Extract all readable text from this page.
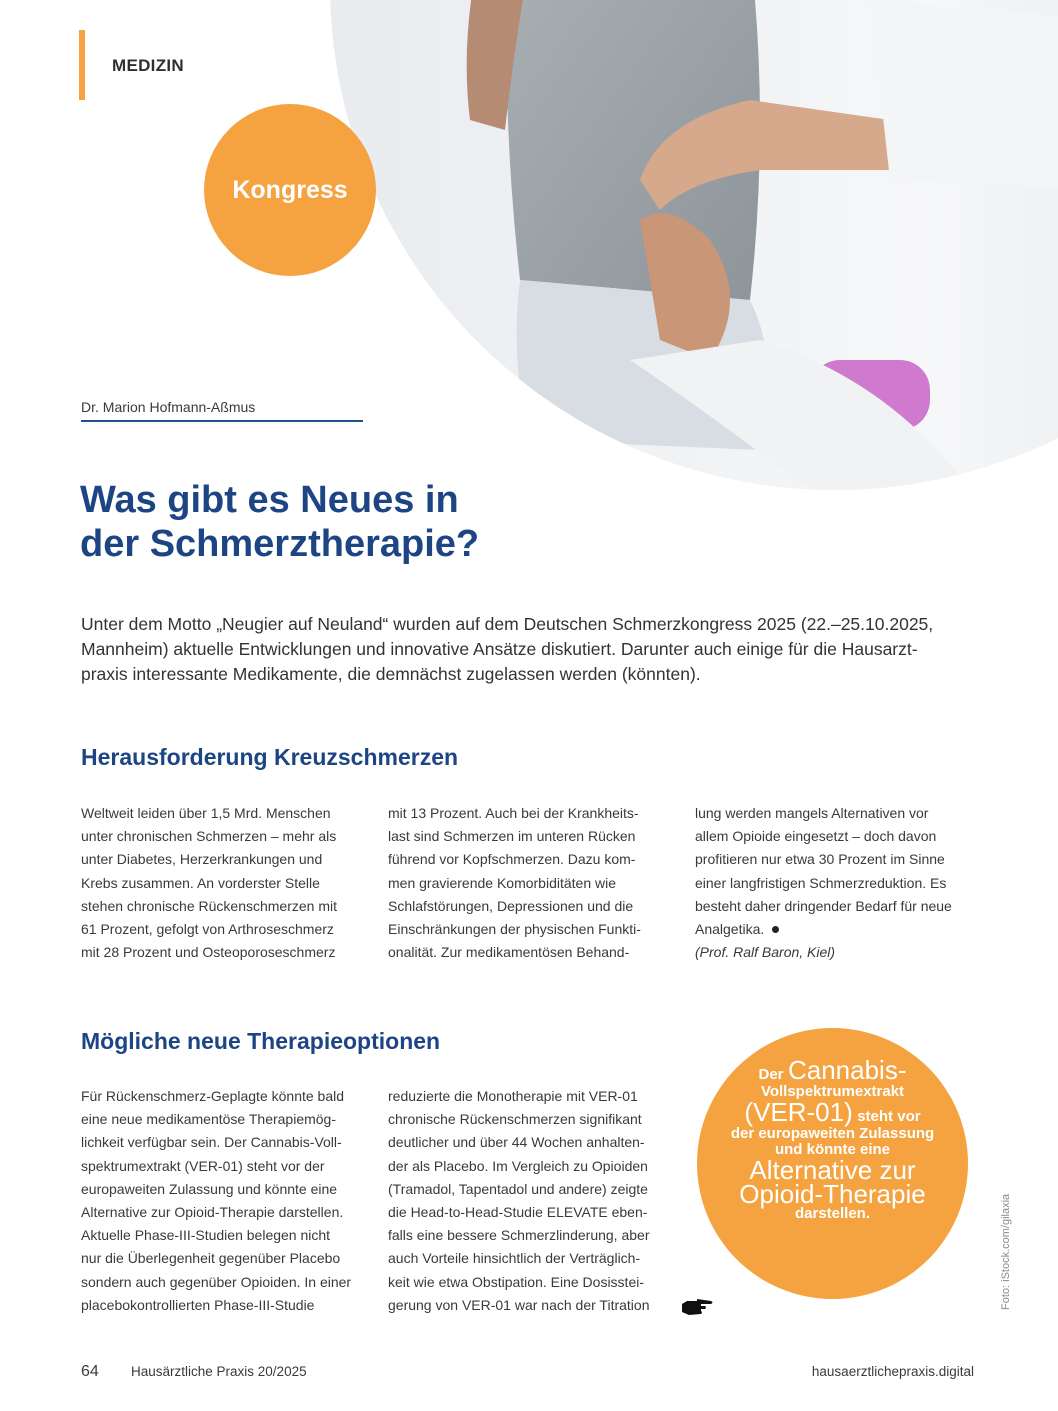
MEDIZIN
Kongress
Dr. Marion Hofmann-Aßmus
Was gibt es Neues in
der Schmerztherapie?

Unter dem Motto „Neugier auf Neuland“ wurden auf dem Deutschen Schmerzkongress 2025 (22.–25.10.2025,
Mannheim) aktuelle Entwicklungen und innovative Ansätze diskutiert. Darunter auch einige für die Hausarzt-
praxis interessante Medikamente, die demnächst zugelassen werden (könnten).

Herausforderung Kreuzschmerzen

Weltweit leiden über 1,5 Mrd. Menschen
unter chronischen Schmerzen – mehr als
unter Diabetes, Herzerkrankungen und
Krebs zusammen. An vorderster Stelle
stehen chronische Rückenschmerzen mit
61 Prozent, gefolgt von Arthroseschmerz
mit 28 Prozent und Osteoporoseschmerz

mit 13 Prozent. Auch bei der Krankheits-
last sind Schmerzen im unteren Rücken
führend vor Kopfschmerzen. Dazu kom-
men gravierende Komorbiditäten wie
Schlafstörungen, Depressionen und die
Einschränkungen der physischen Funkti-
onalität. Zur medikamentösen Behand-

lung werden mangels Alternativen vor
allem Opioide eingesetzt – doch davon
profitieren nur etwa 30 Prozent im Sinne
einer langfristigen Schmerzreduktion. Es
besteht daher dringender Bedarf für neue
Analgetika.
(Prof. Ralf Baron, Kiel)

Mögliche neue Therapieoptionen

Für Rückenschmerz-Geplagte könnte bald
eine neue medikamentöse Therapiemög-
lichkeit verfügbar sein. Der Cannabis-Voll-
spektrumextrakt (VER-01) steht vor der
europaweiten Zulassung und könnte eine
Alternative zur Opioid-Therapie darstellen.
Aktuelle Phase-III-Studien belegen nicht
nur die Überlegenheit gegenüber Placebo
sondern auch gegenüber Opioiden. In einer
placebokontrollierten Phase-III-Studie

reduzierte die Monotherapie mit VER-01
chronische Rückenschmerzen signifikant
deutlicher und über 44 Wochen anhalten-
der als Placebo. Im Vergleich zu Opioiden
(Tramadol, Tapentadol und andere) zeigte
die Head-to-Head-Studie ELEVATE eben-
falls eine bessere Schmerzlinderung, aber
auch Vorteile hinsichtlich der Verträglich-
keit wie etwa Obstipation. Eine Dosisstei-
gerung von VER-01 war nach der Titration

Der Cannabis-
Vollspektrumextrakt
(VER-01) steht vor
der europaweiten Zulassung
und könnte eine
Alternative zur
Opioid-Therapie
darstellen.	Foto: iStock.com/gilaxia
64 Hausärztliche Praxis 20/2025	hausaerztlichepraxis.digital
